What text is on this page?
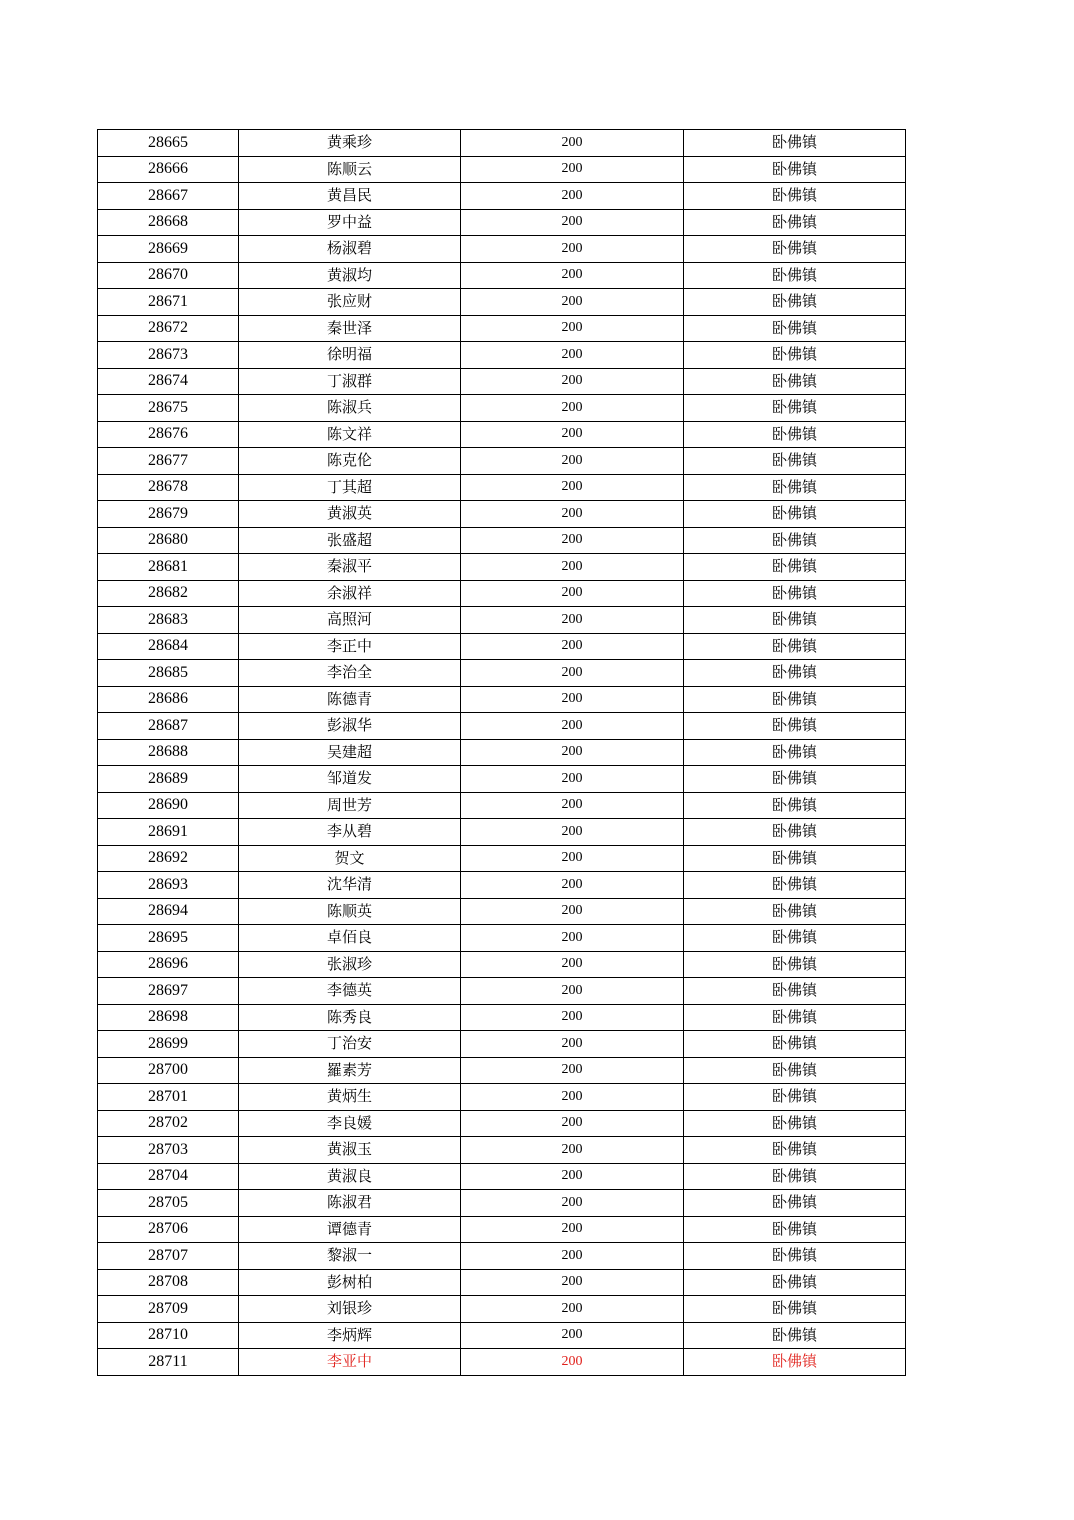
28665	黄乘珍	200	卧佛镇
28666	陈顺云	200	卧佛镇
28667	黄昌民	200	卧佛镇
28668	罗中益	200	卧佛镇
28669	杨淑碧	200	卧佛镇
28670	黄淑均	200	卧佛镇
28671	张应财	200	卧佛镇
28672	秦世泽	200	卧佛镇
28673	徐明福	200	卧佛镇
28674	丁淑群	200	卧佛镇
28675	陈淑兵	200	卧佛镇
28676	陈文祥	200	卧佛镇
28677	陈克伦	200	卧佛镇
28678	丁其超	200	卧佛镇
28679	黄淑英	200	卧佛镇
28680	张盛超	200	卧佛镇
28681	秦淑平	200	卧佛镇
28682	余淑祥	200	卧佛镇
28683	高照河	200	卧佛镇
28684	李正中	200	卧佛镇
28685	李治全	200	卧佛镇
28686	陈德青	200	卧佛镇
28687	彭淑华	200	卧佛镇
28688	吴建超	200	卧佛镇
28689	邹道发	200	卧佛镇
28690	周世芳	200	卧佛镇
28691	李从碧	200	卧佛镇
28692	贺文	200	卧佛镇
28693	沈华清	200	卧佛镇
28694	陈顺英	200	卧佛镇
28695	卓佰良	200	卧佛镇
28696	张淑珍	200	卧佛镇
28697	李德英	200	卧佛镇
28698	陈秀良	200	卧佛镇
28699	丁治安	200	卧佛镇
28700	羅素芳	200	卧佛镇
28701	黄炳生	200	卧佛镇
28702	李良媛	200	卧佛镇
28703	黄淑玉	200	卧佛镇
28704	黄淑良	200	卧佛镇
28705	陈淑君	200	卧佛镇
28706	谭德青	200	卧佛镇
28707	黎淑一	200	卧佛镇
28708	彭树柏	200	卧佛镇
28709	刘银珍	200	卧佛镇
28710	李炳辉	200	卧佛镇
28711	李亚中	200	卧佛镇
